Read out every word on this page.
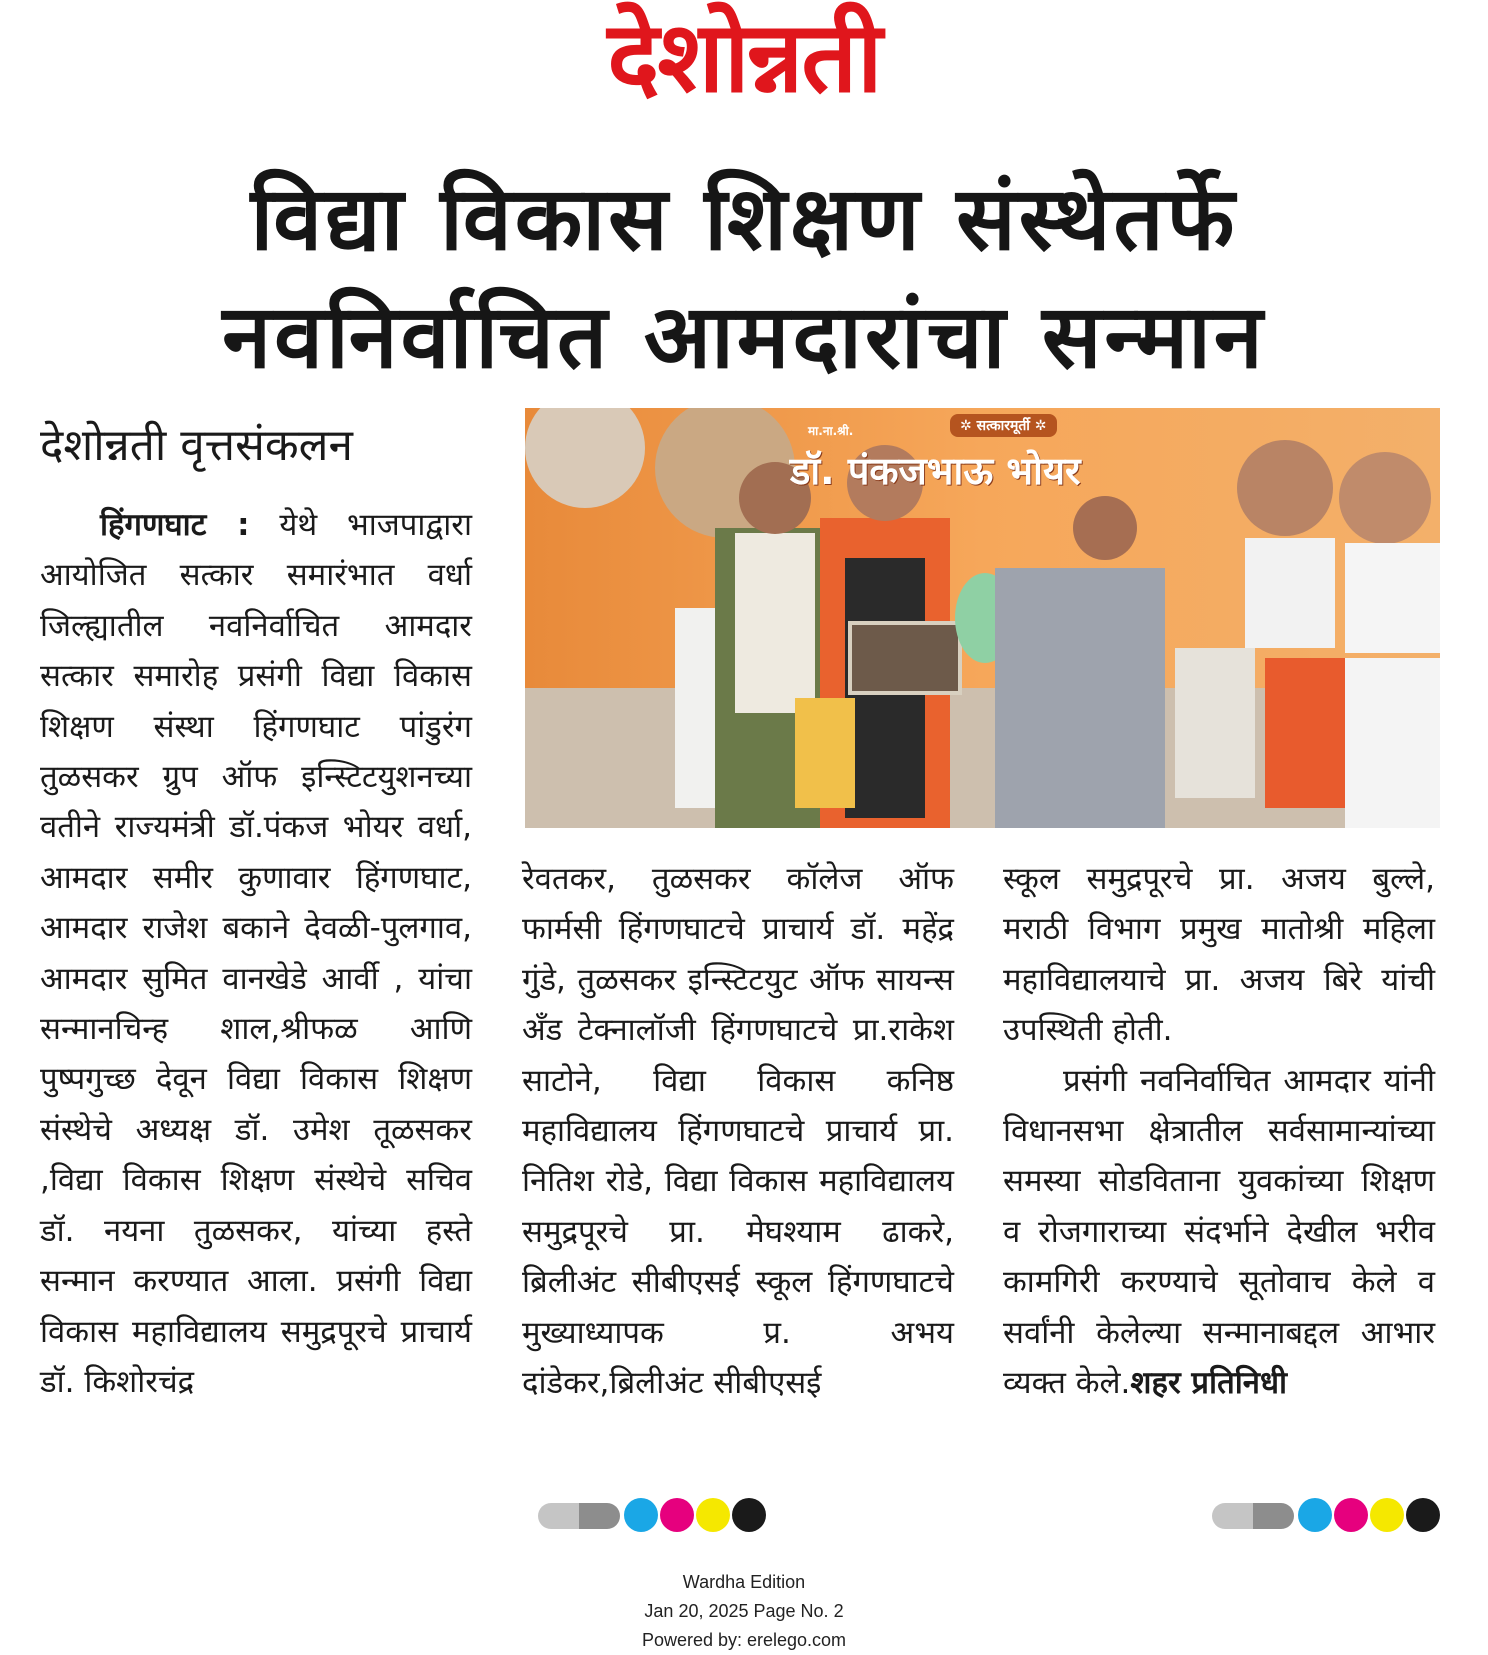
देशोन्नती
विद्या विकास शिक्षण संस्थेतर्फे
नवनिर्वाचित आमदारांचा सन्मान
देशोन्नती वृत्तसंकलन

हिंगणघाट : येथे भाजपाद्वारा आयोजित सत्कार समारंभात वर्धा जिल्ह्यातील नवनिर्वाचित आमदार सत्कार समारोह प्रसंगी विद्या विकास शिक्षण संस्था हिंगणघाट पांडुरंग तुळसकर ग्रुप ऑफ इन्स्टिटयुशनच्या वतीने राज्यमंत्री डॉ.पंकज भोयर वर्धा, आमदार समीर कुणावार हिंगणघाट, आमदार राजेश बकाने देवळी-पुलगाव, आमदार सुमित वानखेडे आर्वी , यांचा सन्मानचिन्ह शाल,श्रीफळ आणि पुष्पगुच्छ देवून विद्या विकास शिक्षण संस्थेचे अध्यक्ष डॉ. उमेश तूळसकर ,विद्या विकास शिक्षण संस्थेचे सचिव डॉ. नयना तुळसकर, यांच्या हस्ते सन्मान करण्यात आला. प्रसंगी विद्या विकास महाविद्यालय समुद्रपूरचे प्राचार्य डॉ. किशोरचंद्र

मा.ना.श्री.	✲ सत्कारमूर्ती ✲
डॉ. पंकजभाऊ भोयर

रेवतकर, तुळसकर कॉलेज ऑफ फार्मसी हिंगणघाटचे प्राचार्य डॉ. महेंद्र गुंडे, तुळसकर इन्स्टिटयुट ऑफ सायन्स अँड टेक्नालॉजी हिंगणघाटचे प्रा.राकेश साटोने, विद्या विकास कनिष्ठ महाविद्यालय हिंगणघाटचे प्राचार्य प्रा. नितिश रोडे, विद्या विकास महाविद्यालय समुद्रपूरचे प्रा. मेघश्याम ढाकरे, ब्रिलीअंट सीबीएसई स्कूल हिंगणघाटचे मुख्याध्यापक प्र. अभय दांडेकर,ब्रिलीअंट सीबीएसई

स्कूल समुद्रपूरचे प्रा. अजय बुल्ले, मराठी विभाग प्रमुख मातोश्री महिला महाविद्यालयाचे प्रा. अजय बिरे यांची उपस्थिती होती.

प्रसंगी नवनिर्वाचित आमदार यांनी विधानसभा क्षेत्रातील सर्वसामान्यांच्या समस्या सोडविताना युवकांच्या शिक्षण व रोजगाराच्या संदर्भाने देखील भरीव कामगिरी करण्याचे सूतोवाच केले व सर्वांनी केलेल्या सन्मानाबद्दल आभार व्यक्त केले.शहर प्रतिनिधी

Wardha Edition
Jan 20, 2025 Page No. 2
Powered by: erelego.com
